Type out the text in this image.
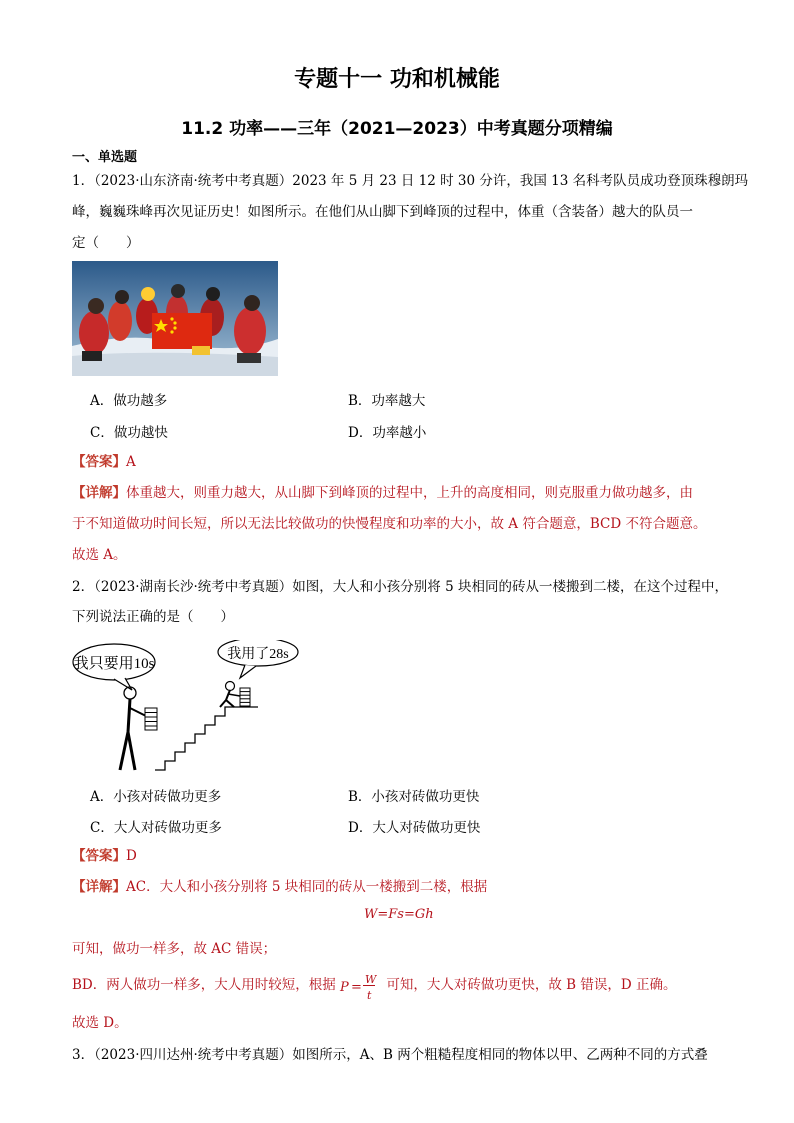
专题十一 功和机械能
11.2 功率——三年（2021—2023）中考真题分项精编
一、单选题
1．（2023·山东济南·统考中考真题）2023 年 5 月 23 日 12 时 30 分许，我国 13 名科考队员成功登顶珠穆朗玛
峰，巍巍珠峰再次见证历史！如图所示。在他们从山脚下到峰顶的过程中，体重（含装备）越大的队员一
定（　　）
A．做功越多	B．功率越大
C．做功越快	D．功率越小
【答案】A
【详解】体重越大，则重力越大，从山脚下到峰顶的过程中，上升的高度相同，则克服重力做功越多，由
于不知道做功时间长短，所以无法比较做功的快慢程度和功率的大小，故 A 符合题意，BCD 不符合题意。
故选 A。
2．（2023·湖南长沙·统考中考真题）如图，大人和小孩分别将 5 块相同的砖从一楼搬到二楼，在这个过程中，
下列说法正确的是（　　）
我只要用10s
我用了28s
A．小孩对砖做功更多	B．小孩对砖做功更快
C．大人对砖做功更多	D．大人对砖做功更快
【答案】D
【详解】AC．大人和小孩分别将 5 块相同的砖从一楼搬到二楼，根据
W=Fs=Gh
可知，做功一样多，故 AC 错误；
BD．两人做功一样多，大人用时较短，根据 P =
W
t
可知，大人对砖做功更快，故 B 错误，D 正确。
故选 D。
3．（2023·四川达州·统考中考真题）如图所示，A、B 两个粗糙程度相同的物体以甲、乙两种不同的方式叠
